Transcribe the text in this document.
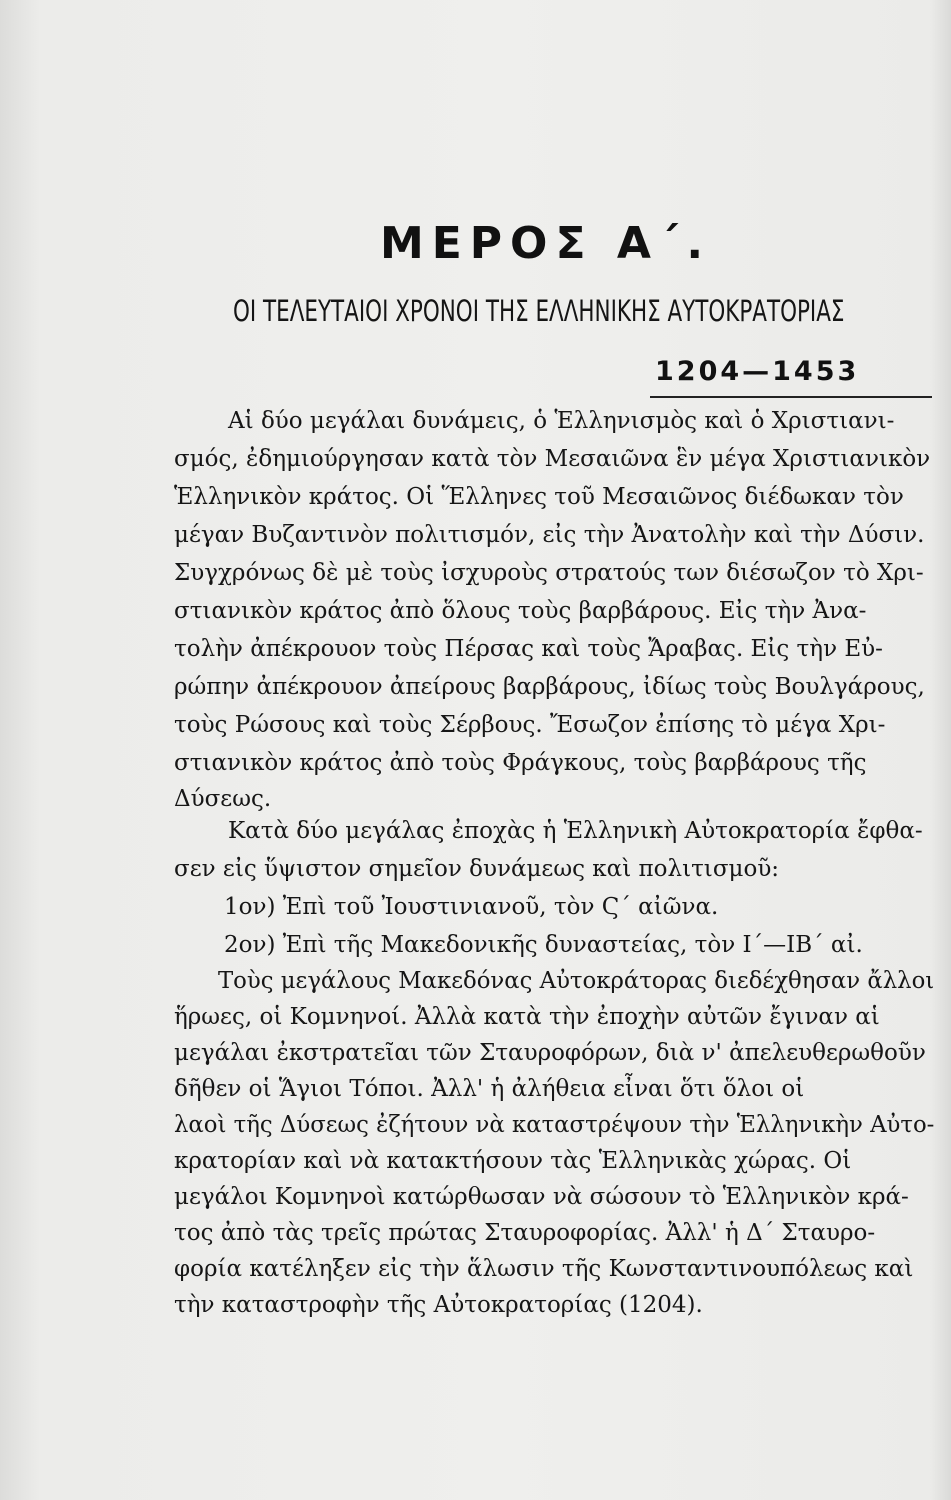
ΜΕΡΟΣ Α΄.
ΟΙ ΤΕΛΕΥΤΑΙΟΙ ΧΡΟΝΟΙ ΤΗΣ ΕΛΛΗΝΙΚΗΣ ΑΥΤΟΚΡΑΤΟΡΙΑΣ
1204—1453
Αἱ δύο μεγάλαι δυνάμεις, ὁ Ἑλληνισμὸς καὶ ὁ Χριστιανι-
σμός, ἐδημιούργησαν κατὰ τὸν Μεσαιῶνα ἓν μέγα Χριστιανικὸν
Ἑλληνικὸν κράτος. Οἱ Ἕλληνες τοῦ Μεσαιῶνος διέδωκαν τὸν
μέγαν Βυζαντινὸν πολιτισμόν, εἰς τὴν Ἀνατολὴν καὶ τὴν Δύσιν.
Συγχρόνως δὲ μὲ τοὺς ἰσχυροὺς στρατούς των διέσωζον τὸ Χρι-
στιανικὸν κράτος ἀπὸ ὅλους τοὺς βαρβάρους. Εἰς τὴν Ἀνα-
τολὴν ἀπέκρουον τοὺς Πέρσας καὶ τοὺς Ἄραβας. Εἰς τὴν Εὐ-
ρώπην ἀπέκρουον ἀπείρους βαρβάρους, ἰδίως τοὺς Βουλγάρους,
τοὺς Ρώσους καὶ τοὺς Σέρβους. Ἔσωζον ἐπίσης τὸ μέγα Χρι-
στιανικὸν κράτος ἀπὸ τοὺς Φράγκους, τοὺς βαρβάρους τῆς
Δύσεως.
Κατὰ δύο μεγάλας ἐποχὰς ἡ Ἑλληνικὴ Αὐτοκρατορία ἔφθα-
σεν εἰς ὕψιστον σημεῖον δυνάμεως καὶ πολιτισμοῦ:
1ον) Ἐπὶ τοῦ Ἰουστινιανοῦ, τὸν Ϛ΄ αἰῶνα.
2ον) Ἐπὶ τῆς Μακεδονικῆς δυναστείας, τὸν Ι΄—ΙΒ΄ αἰ.
Τοὺς μεγάλους Μακεδόνας Αὐτοκράτορας διεδέχθησαν ἄλλοι
ἥρωες, οἱ Κομνηνοί. Ἀλλὰ κατὰ τὴν ἐποχὴν αὐτῶν ἔγιναν αἱ
μεγάλαι ἐκστρατεῖαι τῶν Σταυροφόρων, διὰ ν' ἀπελευθερωθοῦν
δῆθεν οἱ Ἅγιοι Τόποι. Ἀλλ' ἡ ἀλήθεια εἶναι ὅτι ὅλοι οἱ
λαοὶ τῆς Δύσεως ἐζήτουν νὰ καταστρέψουν τὴν Ἑλληνικὴν Αὐτο-
κρατορίαν καὶ νὰ κατακτήσουν τὰς Ἑλληνικὰς χώρας. Οἱ
μεγάλοι Κομνηνοὶ κατώρθωσαν νὰ σώσουν τὸ Ἑλληνικὸν κρά-
τος ἀπὸ τὰς τρεῖς πρώτας Σταυροφορίας. Ἀλλ' ἡ Δ΄ Σταυρο-
φορία κατέληξεν εἰς τὴν ἅλωσιν τῆς Κωνσταντινουπόλεως καὶ
τὴν καταστροφὴν τῆς Αὐτοκρατορίας (1204).
